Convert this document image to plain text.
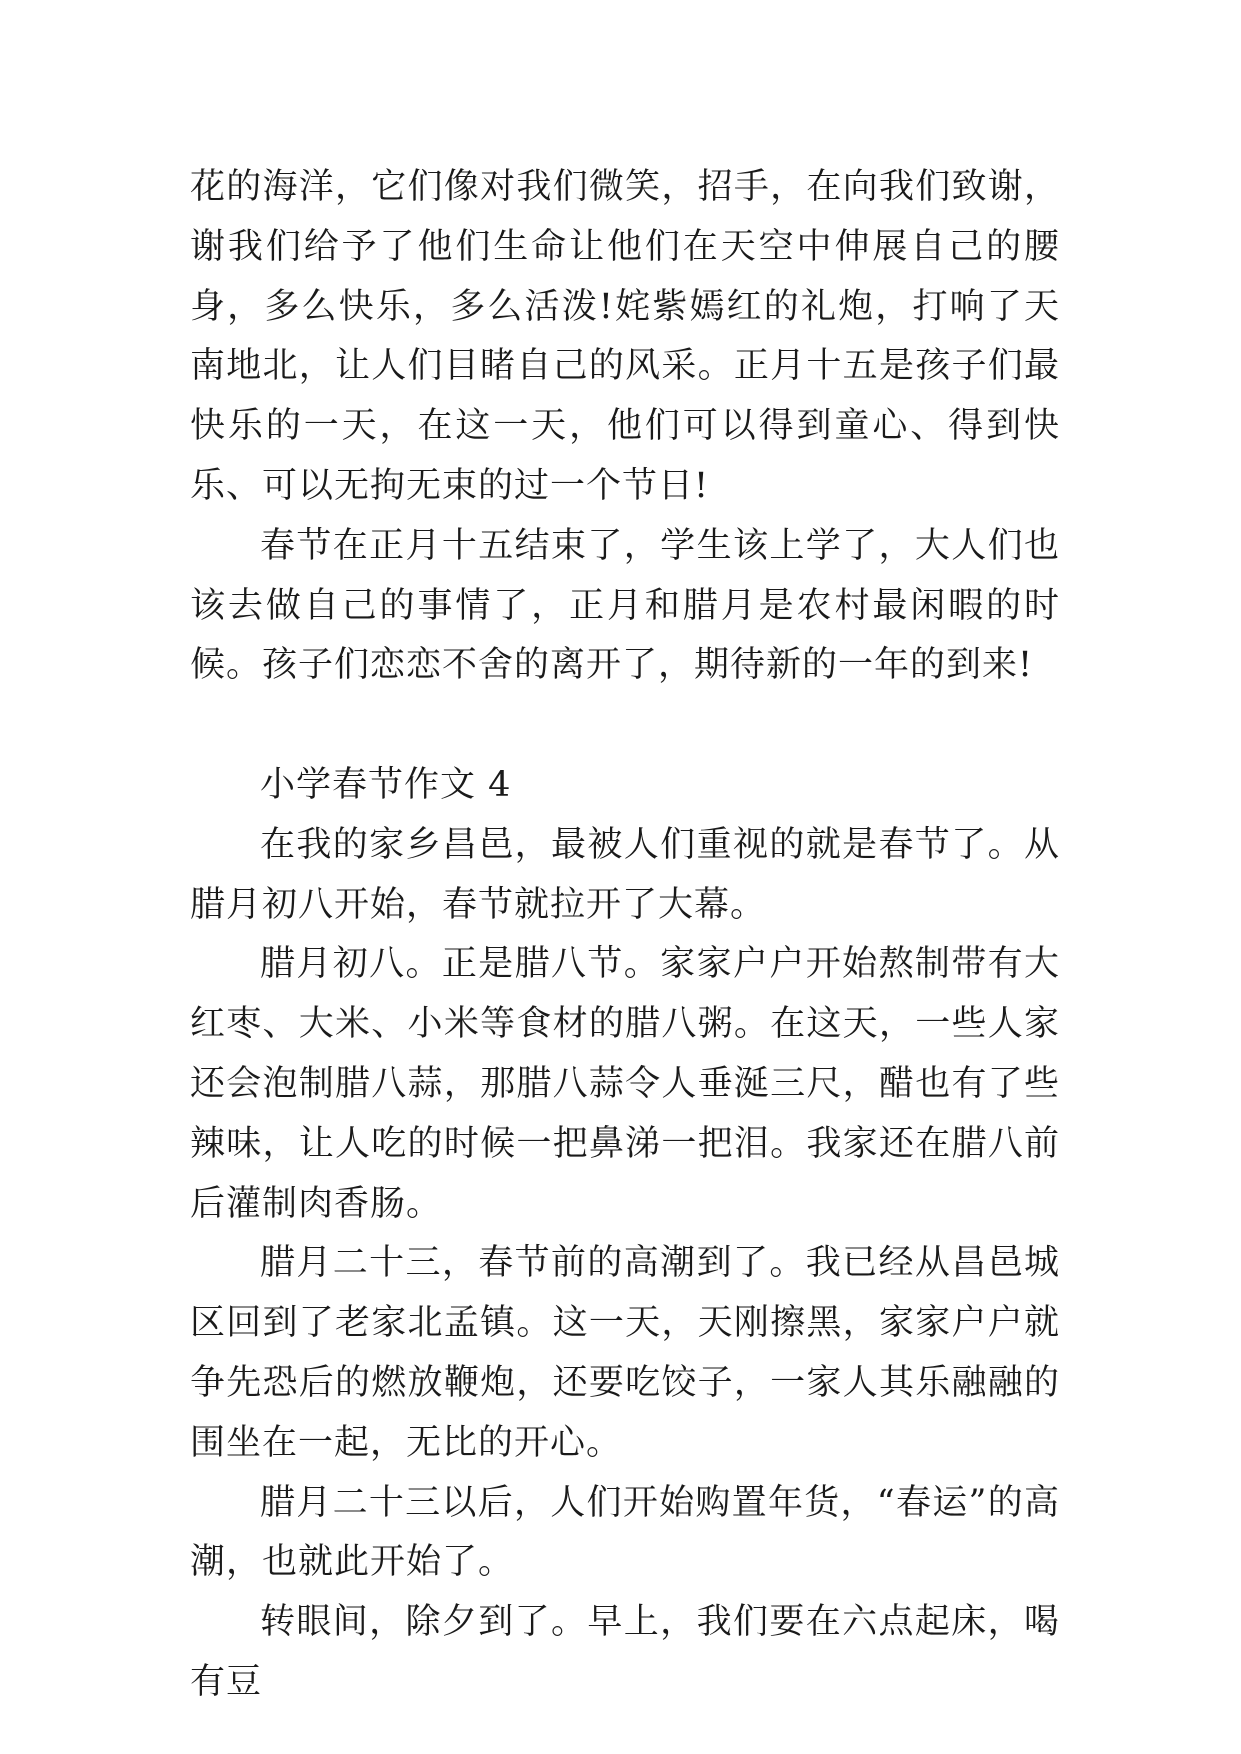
花的海洋，它们像对我们微笑，招手，在向我们致谢，谢我们给予了他们生命让他们在天空中伸展自己的腰身，多么快乐，多么活泼!姹紫嫣红的礼炮，打响了天南地北，让人们目睹自己的风采。正月十五是孩子们最快乐的一天，在这一天，他们可以得到童心、得到快乐、可以无拘无束的过一个节日!

春节在正月十五结束了，学生该上学了，大人们也该去做自己的事情了，正月和腊月是农村最闲暇的时候。孩子们恋恋不舍的离开了，期待新的一年的到来!

小学春节作文 4

在我的家乡昌邑，最被人们重视的就是春节了。从腊月初八开始，春节就拉开了大幕。

腊月初八。正是腊八节。家家户户开始熬制带有大红枣、大米、小米等食材的腊八粥。在这天，一些人家还会泡制腊八蒜，那腊八蒜令人垂涎三尺，醋也有了些辣味，让人吃的时候一把鼻涕一把泪。我家还在腊八前后灌制肉香肠。

腊月二十三，春节前的高潮到了。我已经从昌邑城区回到了老家北孟镇。这一天，天刚擦黑，家家户户就争先恐后的燃放鞭炮，还要吃饺子，一家人其乐融融的围坐在一起，无比的开心。

腊月二十三以后，人们开始购置年货，“春运”的高潮，也就此开始了。

转眼间，除夕到了。早上，我们要在六点起床，喝有豆
